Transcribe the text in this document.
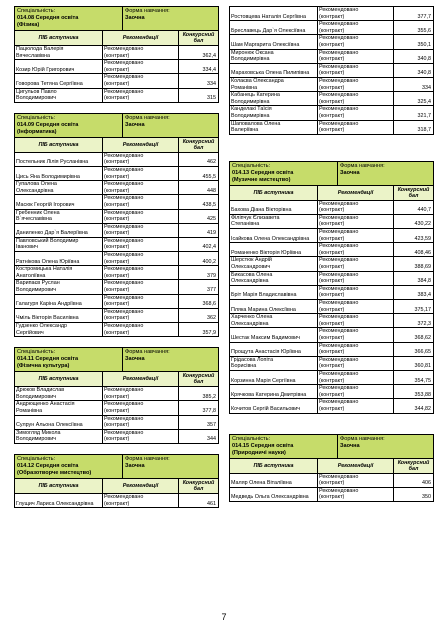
Спеціальність:
014.08 Середня освіта
(Фізика)
Форма навчання:
Заочна
ПІБ вступника	Рекомендації	Конкурсний
бал
Пацюлода Валерія
Вячеславівна
Рекомендовано
(контракт)	362,4
Козир Юрій Григорович
Рекомендовано
(контракт)	334,4
Говорова Тетяна Сергіївна
Рекомендовано
(контракт)	334
Цигульов Павло
Володимирович
Рекомендовано
(контракт)	315
Спеціальність:
014.09 Середня освіта
(Інформатика)
Форма навчання:
Заочна
ПІБ вступника	Рекомендації	Конкурсний
бал
Постельник Лілія Русланівна
Рекомендовано
(контракт)	462
Цись Яна Володимирівна
Рекомендовано
(контракт)	455,5
Гупалова Олена
Олександрівна
Рекомендовано
(контракт)	448
Масюк Георгій Ігорович
Рекомендовано
(контракт)	438,5
Гребенник Олена
В`ячеславівна
Рекомендовано
(контракт)	425
Даниленко Дар`я Валеріївна
Рекомендовано
(контракт)	419
Павловський Володимир
Іванович
Рекомендовано
(контракт)	402,4
Ратнікова Олена Юріївна
Рекомендовано
(контракт)	400,2
Костромицька Наталія
Анатоліївна
Рекомендовано
(контракт)	379
Варипаєв Руслан
Володимирович
Рекомендовано
(контракт)	377
Галагуря Каріна Андріївна
Рекомендовано
(контракт)	368,6
Чміль Вікторія Василівна
Рекомендовано
(контракт)	362
Гудзенко Олександр
Сергійович
Рекомендовано
(контракт)	357,9
Спеціальність:
014.11 Середня освіта
(Фізична культура)
Форма навчання:
Заочна
ПІБ вступника	Рекомендації	Конкурсний
бал
Дрюков Владислав
Володимирович
Рекомендовано
(контракт)	385,2
Андрющенко Анастасія
Романівна
Рекомендовано
(контракт)	377,8
Сулрун Альона Олексіївна
Рекомендовано
(контракт)	357
Зимогляд Микола
Володимирович
Рекомендовано
(контракт)	344
Спеціальність:
014.12 Середня освіта
(Образотворче мистецтво)
Форма навчання:
Заочна
ПІБ вступника	Рекомендації	Конкурсний
бал
Глущич Лариса Олександрівна
Рекомендовано
(контракт)	461
Ростовцева Наталія Сергіївна
Рекомендовано
(контракт)	377,7
Бреславець Дар`я Олексіївна
Рекомендовано
(контракт)	355,6
Шам Маргарита Олексіївна
Рекомендовано
(контракт)	350,1
Миронюк Оксана
Володимирівна
Рекомендовано
(контракт)	340,8
Мараховська Олена Пилипівна
Рекомендовано
(контракт)	340,8
Колаєва Олександра
Романівна
Рекомендовано
(контракт)	334
Кабанець Катерина
Володимирівна
Рекомендовано
(контракт)	325,4
Канделакі Таїсія
Володимирівна
Рекомендовано
(контракт)	321,7
Шаповалова Олена
Валеріївна
Рекомендовано
(контракт)	318,7
Спеціальність:
014.13 Середня освіта
(Музичне мистецтво)
Форма навчання:
Заочна
ПІБ вступника	Рекомендації	Конкурсний
бал
Бахова Діана Вікторівна
Рекомендовано
(контракт)	440,7
Філіпчук Єлизавета
Степанівна
Рекомендовано
(контракт)	430,22
Ісайкова Олена Олександрівна
Рекомендовано
(контракт)	423,59
Романенко Вікторія Юріївна
Рекомендовано
(контракт)	408,46
Шерстюк Андрій
Олександрович
Рекомендовано
(контракт)	388,69
Бикасова Олена
Олександрівна
Рекомендовано
(контракт)	384,8
Бріт Марія Владиславівна
Рекомендовано
(контракт)	383,4
Пляка Марина Олексіївна
Рекомендовано
(контракт)	375,17
Харченко Олена
Олександрівна
Рекомендовано
(контракт)	372,3
Шестак Максим Вадимович
Рекомендовано
(контракт)	368,62
Прощута Анастасія Юріївна
Рекомендовано
(контракт)	366,65
Грідасова Лопіта
Борисівна
Рекомендовано
(контракт)	360,81
Корзинна Марія Сергіївна
Рекомендовано
(контракт)	354,75
Крячкова Катерина Дмитрівна
Рекомендовано
(контракт)	353,88
Кочитов Сергій Васильович
Рекомендовано
(контракт)	344,82
Спеціальність:
014.15 Середня освіта
(Природничі науки)
Форма навчання:
Заочна
ПІБ вступника	Рекомендації	Конкурсний
бал
Маляр Олена Віталіївна
Рекомендовано
(контракт)	406
Медведь Ольга Олександрівна
Рекомендовано
(контракт)	350
7
